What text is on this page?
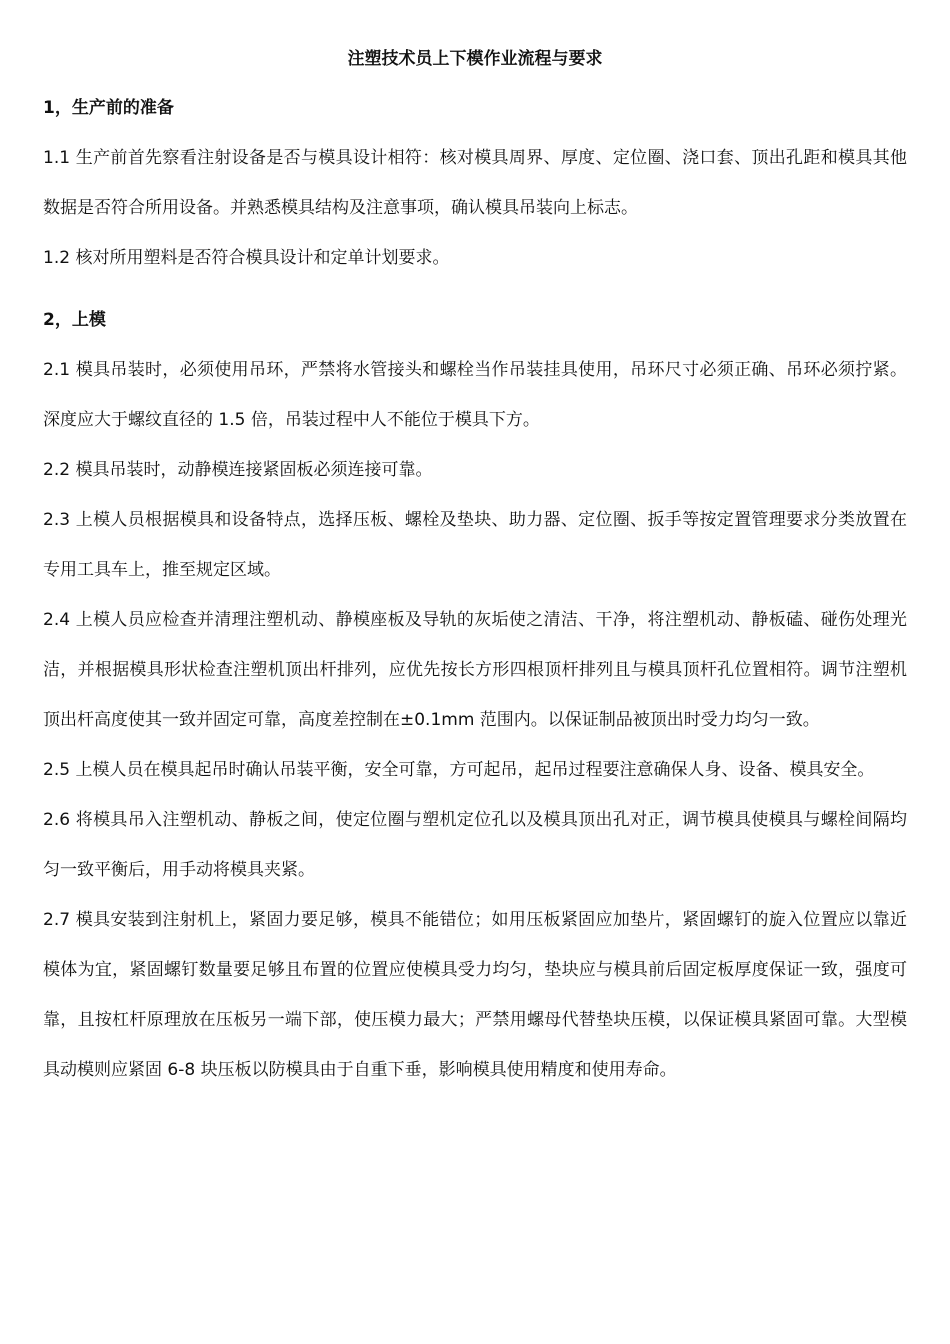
注塑技术员上下模作业流程与要求
1，生产前的准备

1.1 生产前首先察看注射设备是否与模具设计相符：核对模具周界、厚度、定位圈、浇口套、顶出孔距和模具其他数据是否符合所用设备。并熟悉模具结构及注意事项，确认模具吊装向上标志。

1.2 核对所用塑料是否符合模具设计和定单计划要求。

2，上模

2.1 模具吊装时，必须使用吊环，严禁将水管接头和螺栓当作吊装挂具使用，吊环尺寸必须正确、吊环必须拧紧。深度应大于螺纹直径的 1.5 倍，吊装过程中人不能位于模具下方。

2.2 模具吊装时，动静模连接紧固板必须连接可靠。

2.3 上模人员根据模具和设备特点，选择压板、螺栓及垫块、助力器、定位圈、扳手等按定置管理要求分类放置在专用工具车上，推至规定区域。

2.4 上模人员应检查并清理注塑机动、静模座板及导轨的灰垢使之清洁、干净，将注塑机动、静板磕、碰伤处理光洁，并根据模具形状检查注塑机顶出杆排列，应优先按长方形四根顶杆排列且与模具顶杆孔位置相符。调节注塑机顶出杆高度使其一致并固定可靠，高度差控制在±0.1mm 范围内。以保证制品被顶出时受力均匀一致。

2.5 上模人员在模具起吊时确认吊装平衡，安全可靠，方可起吊，起吊过程要注意确保人身、设备、模具安全。

2.6 将模具吊入注塑机动、静板之间，使定位圈与塑机定位孔以及模具顶出孔对正，调节模具使模具与螺栓间隔均匀一致平衡后，用手动将模具夹紧。

2.7 模具安装到注射机上，紧固力要足够，模具不能错位；如用压板紧固应加垫片，紧固螺钉的旋入位置应以靠近模体为宜，紧固螺钉数量要足够且布置的位置应使模具受力均匀，垫块应与模具前后固定板厚度保证一致，强度可靠，且按杠杆原理放在压板另一端下部，使压模力最大；严禁用螺母代替垫块压模，以保证模具紧固可靠。大型模具动模则应紧固 6-8 块压板以防模具由于自重下垂，影响模具使用精度和使用寿命。
